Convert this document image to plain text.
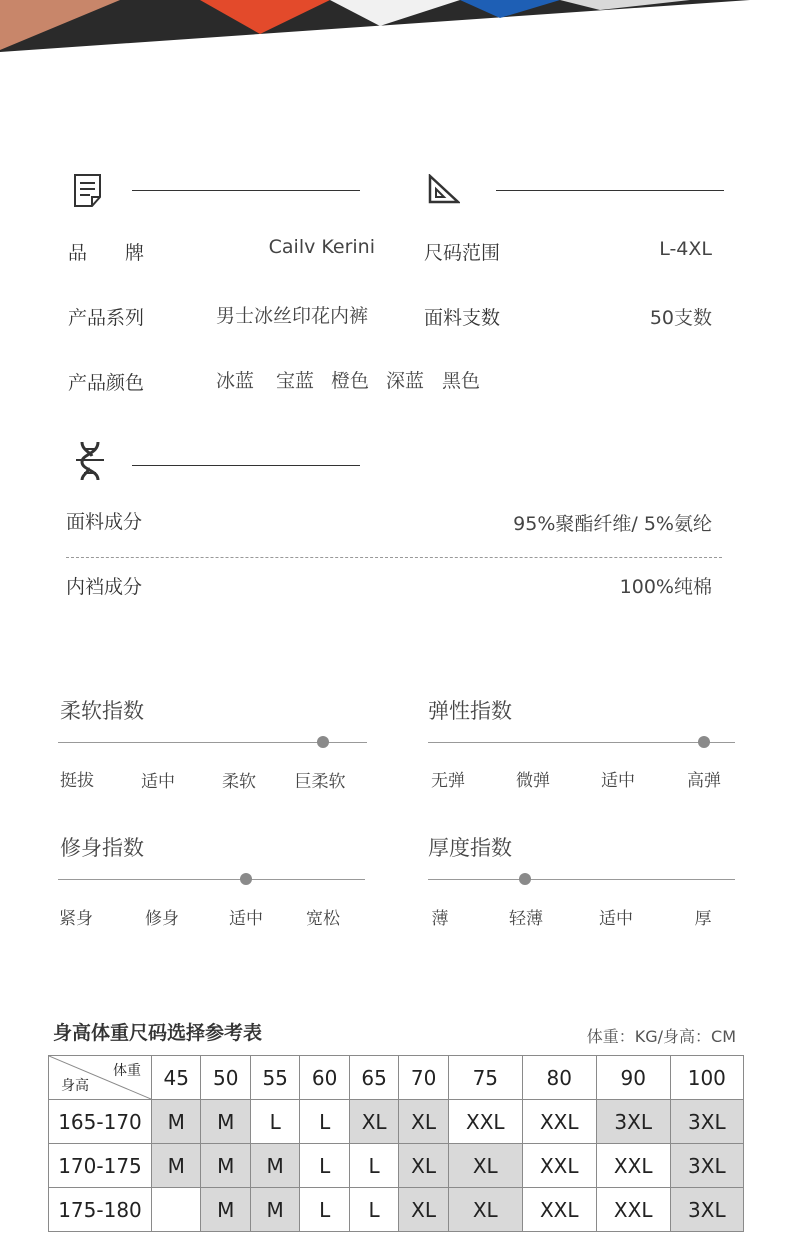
品　　牌	Cailv Kerini	尺码范围	L-4XL
产品系列	男士冰丝印花内裤	面料支数	50支数
产品颜色	冰蓝 宝蓝 橙色 深蓝 黑色
面料成分	95%聚酯纤维/ 5%氨纶
内裆成分	100%纯棉
柔软指数
挺拔	适中	柔软	巨柔软
弹性指数
无弹	微弹	适中	高弹
修身指数
紧身	修身	适中	宽松
厚度指数
薄	轻薄	适中	厚
身高体重尺码选择参考表	体重：KG/身高：CM
体重
身高	45	50	55	60	65	70	75	80	90	100
165-170	M	M	L	L	XL	XL	XXL	XXL	3XL	3XL
170-175	M	M	M	L	L	XL	XL	XXL	XXL	3XL
175-180		M	M	L	L	XL	XL	XXL	XXL	3XL
